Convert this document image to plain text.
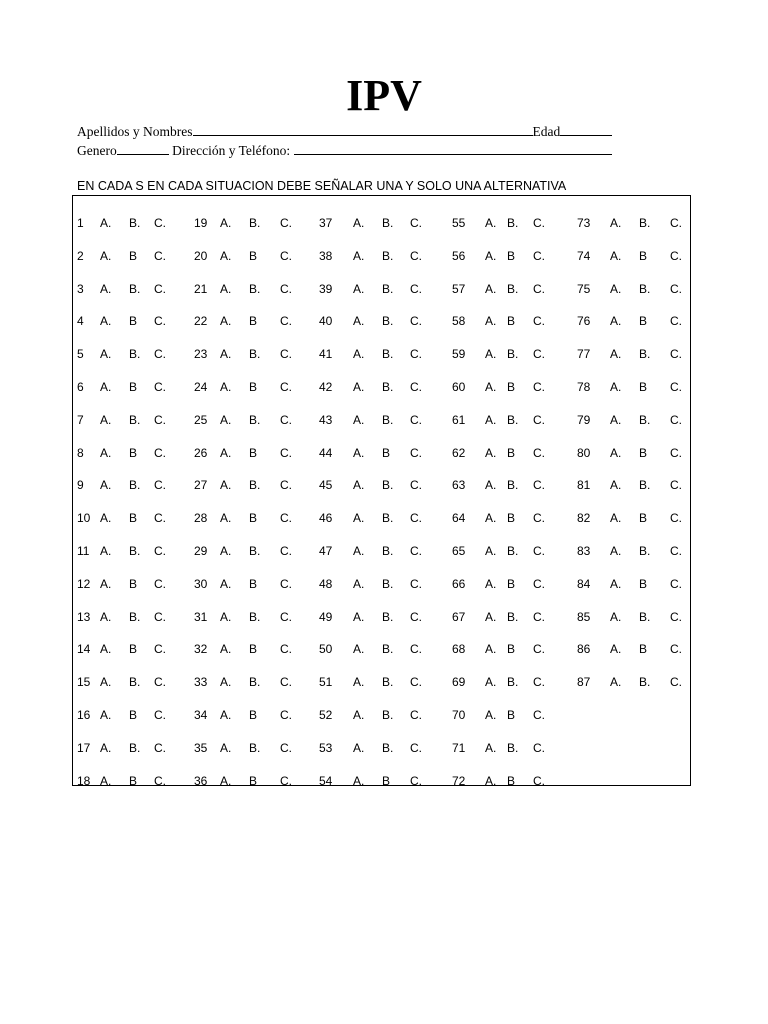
IPV
Apellidos y Nombres	Edad
Genero	Dirección y Teléfono:
EN CADA S EN CADA SITUACION DEBE SEÑALAR UNA Y SOLO UNA ALTERNATIVA
1 A. B. C.
2 A. B C.
3 A. B. C.
4 A. B C.
5 A. B. C.
6 A. B C.
7 A. B. C.
8 A. B C.
9 A. B. C.
10 A. B C.
11 A. B. C.
12 A. B C.
13 A. B. C.
14 A. B C.
15 A. B. C.
16 A. B C.
17 A. B. C.
18 A. B C.
19 A. B. C.
20 A. B C.
21 A. B. C.
22 A. B C.
23 A. B. C.
24 A. B C.
25 A. B. C.
26 A. B C.
27 A. B. C.
28 A. B C.
29 A. B. C.
30 A. B C.
31 A. B. C.
32 A. B C.
33 A. B. C.
34 A. B C.
35 A. B. C.
36 A. B C.
37 A. B. C.
38 A. B. C.
39 A. B. C.
40 A. B. C.
41 A. B. C.
42 A. B. C.
43 A. B. C.
44 A. B C.
45 A. B. C.
46 A. B. C.
47 A. B. C.
48 A. B. C.
49 A. B. C.
50 A. B. C.
51 A. B. C.
52 A. B. C.
53 A. B. C.
54 A. B C.
55 A. B. C.
56 A. B C.
57 A. B. C.
58 A. B C.
59 A. B. C.
60 A. B C.
61 A. B. C.
62 A. B C.
63 A. B. C.
64 A. B C.
65 A. B. C.
66 A. B C.
67 A. B. C.
68 A. B C.
69 A. B. C.
70 A. B C.
71 A. B. C.
72 A. B C.
73 A. B. C.
74 A. B C.
75 A. B. C.
76 A. B C.
77 A. B. C.
78 A. B C.
79 A. B. C.
80 A. B C.
81 A. B. C.
82 A. B C.
83 A. B. C.
84 A. B C.
85 A. B. C.
86 A. B C.
87 A. B. C.
